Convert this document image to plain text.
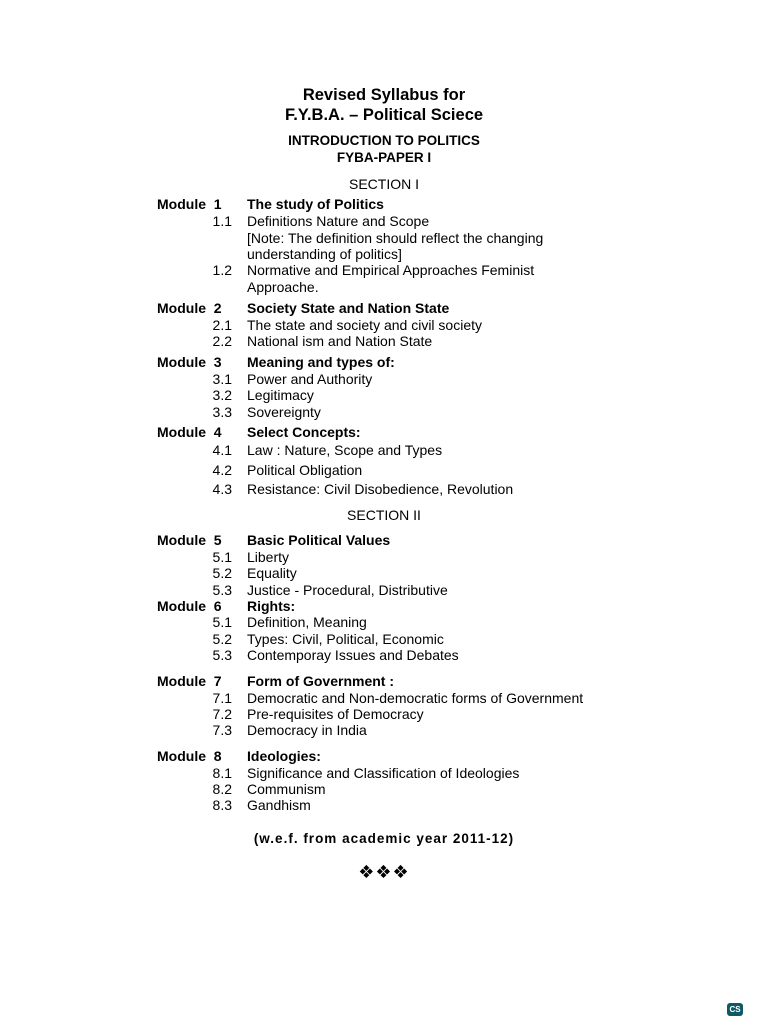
Revised Syllabus for
F.Y.B.A. – Political Sciece
INTRODUCTION TO POLITICS
FYBA-PAPER I
SECTION I
Module  1 The study of Politics
1.1 Definitions Nature and Scope
[Note: The definition should reflect the changing
understanding of politics]
1.2 Normative and Empirical Approaches Feminist
Approache.
Module  2 Society State and Nation State
2.1 The state and society and civil society
2.2 National ism and Nation State
Module  3 Meaning and types of:
3.1 Power and Authority
3.2 Legitimacy
3.3 Sovereignty
Module  4 Select Concepts:
4.1 Law : Nature, Scope and Types
4.2 Political Obligation
4.3 Resistance: Civil Disobedience, Revolution
SECTION II
Module  5 Basic Political Values
5.1 Liberty
5.2 Equality
5.3 Justice - Procedural, Distributive
Module  6 Rights:
5.1 Definition, Meaning
5.2 Types: Civil, Political, Economic
5.3 Contemporay Issues and Debates
Module  7 Form of Government :
7.1 Democratic and Non-democratic forms of Government
7.2 Pre-requisites of Democracy
7.3 Democracy in India
Module  8 Ideologies:
8.1 Significance and Classification of Ideologies
8.2 Communism
8.3 Gandhism
(w.e.f. from academic year 2011-12)
❖❖❖
CS
